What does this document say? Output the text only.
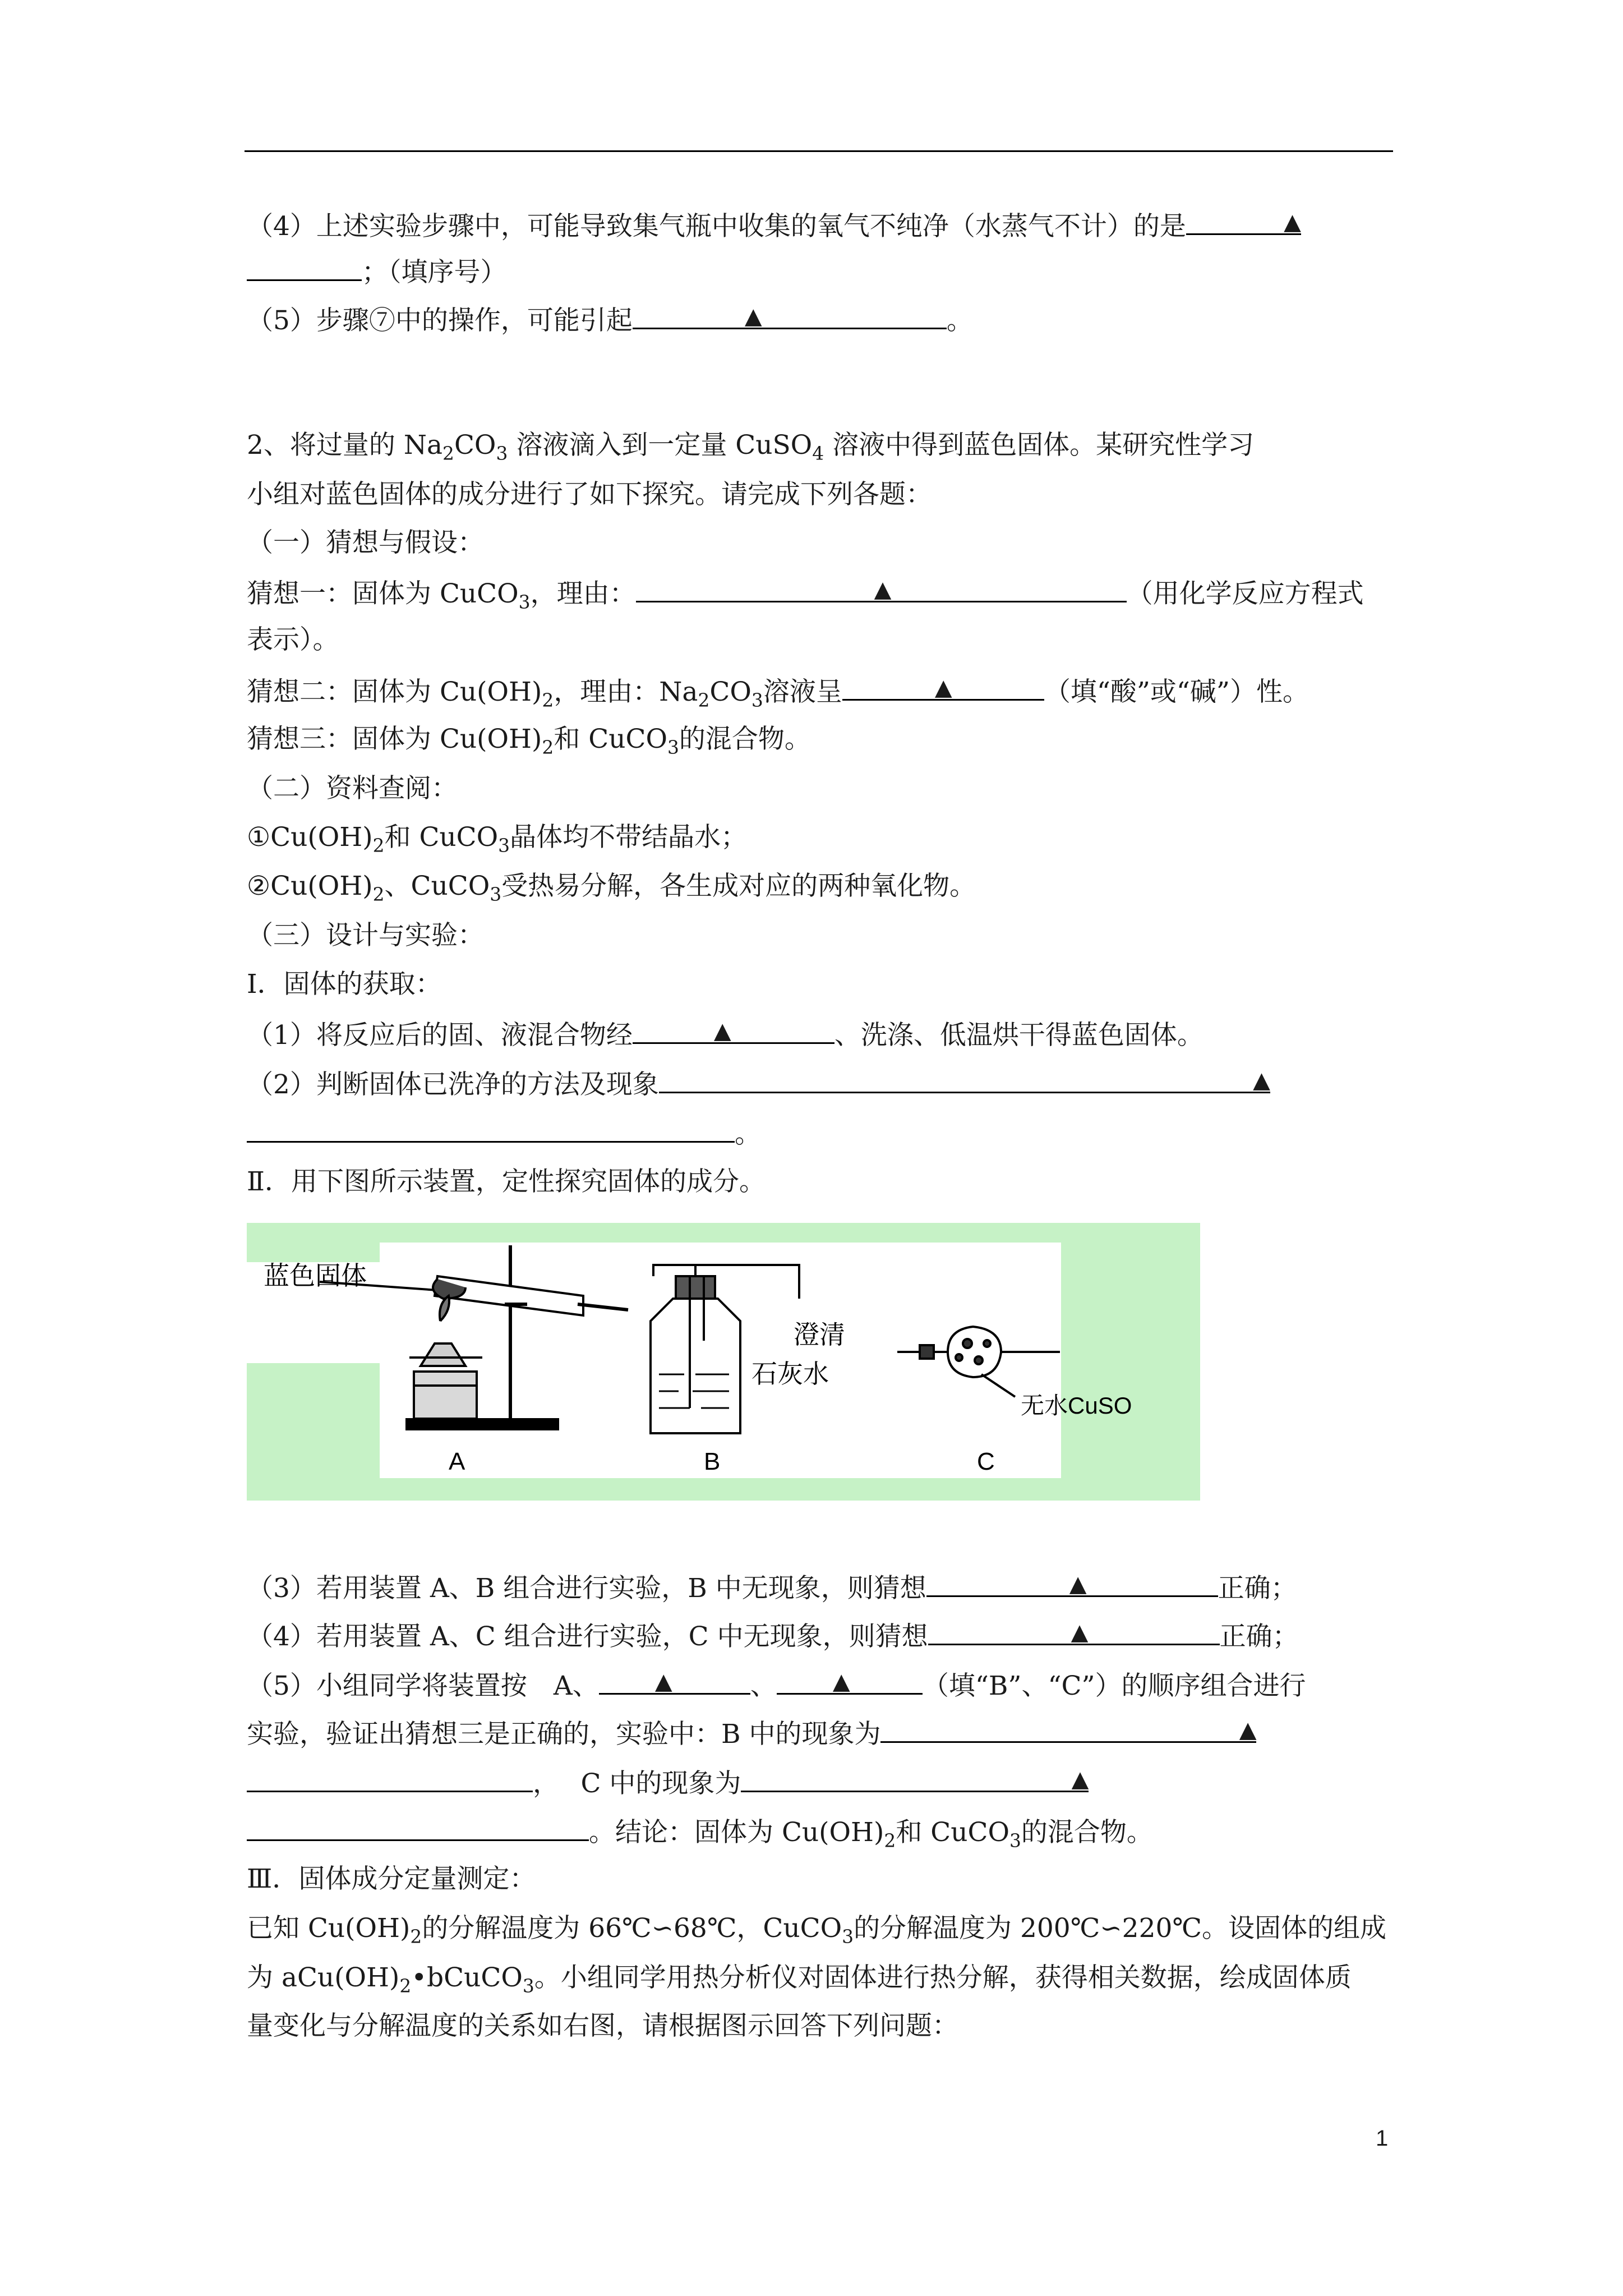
（4）上述实验步骤中，可能导致集气瓶中收集的氧气不纯净（水蒸气不计）的是	▲
；（填序号）
（5）步骤⑦中的操作，可能引起	▲	。
2、将过量的 $Na_2CO_3$ 溶液滴入到一定量 CuSO$_4$ 溶液中得到蓝色固体。某研究性学习
小组对蓝色固体的成分进行了如下探究。请完成下列各题：
（一）猜想与假设：
猜想一：固体为 CuCO$_3$，理由：	▲	（用化学反应方程式
表示）。
猜想二：固体为 $Cu(OH)_2$，理由：$Na_2CO_3$溶液呈	▲	（填“酸”或“碱”）性。
猜想三：固体为 $Cu(OH)_2$和 CuCO$_3$的混合物。
（二）资料查阅：
$①Cu(OH)_2$和 CuCO$_3$晶体均不带结晶水；
$②Cu(OH)_2$、CuCO$_3$受热易分解，各生成对应的两种氧化物。
（三）设计与实验：
Ⅰ．固体的获取：
（1）将反应后的固、液混合物经	▲	、洗涤、低温烘干得蓝色固体。
（2）判断固体已洗净的方法及现象	▲
。
Ⅱ．用下图所示装置，定性探究固体的成分。
蓝色固体
A
澄清
石灰水
B
无水CuSO
C
（3）若用装置 A、B 组合进行实验，B 中无现象，则猜想	▲	正确；
（4）若用装置 A、C 组合进行实验，C 中无现象，则猜想	▲	正确；
（5）小组同学将装置按　A、	▲	、	▲	（填“B”、“C”）的顺序组合进行
实验，验证出猜想三是正确的，实验中：B 中的现象为	▲
，　 C 中的现象为	▲
。结论：固体为 $Cu(OH)_2$和 CuCO$_3$的混合物。
Ⅲ．固体成分定量测定：
已知 $Cu(OH)_2$的分解温度为 66℃∽68℃，CuCO$_3$的分解温度为 200℃∽220℃。设固体的组成
为 $aCu(OH)_2•bCuCO_3$。小组同学用热分析仪对固体进行热分解，获得相关数据，绘成固体质
量变化与分解温度的关系如右图，请根据图示回答下列问题：
1
